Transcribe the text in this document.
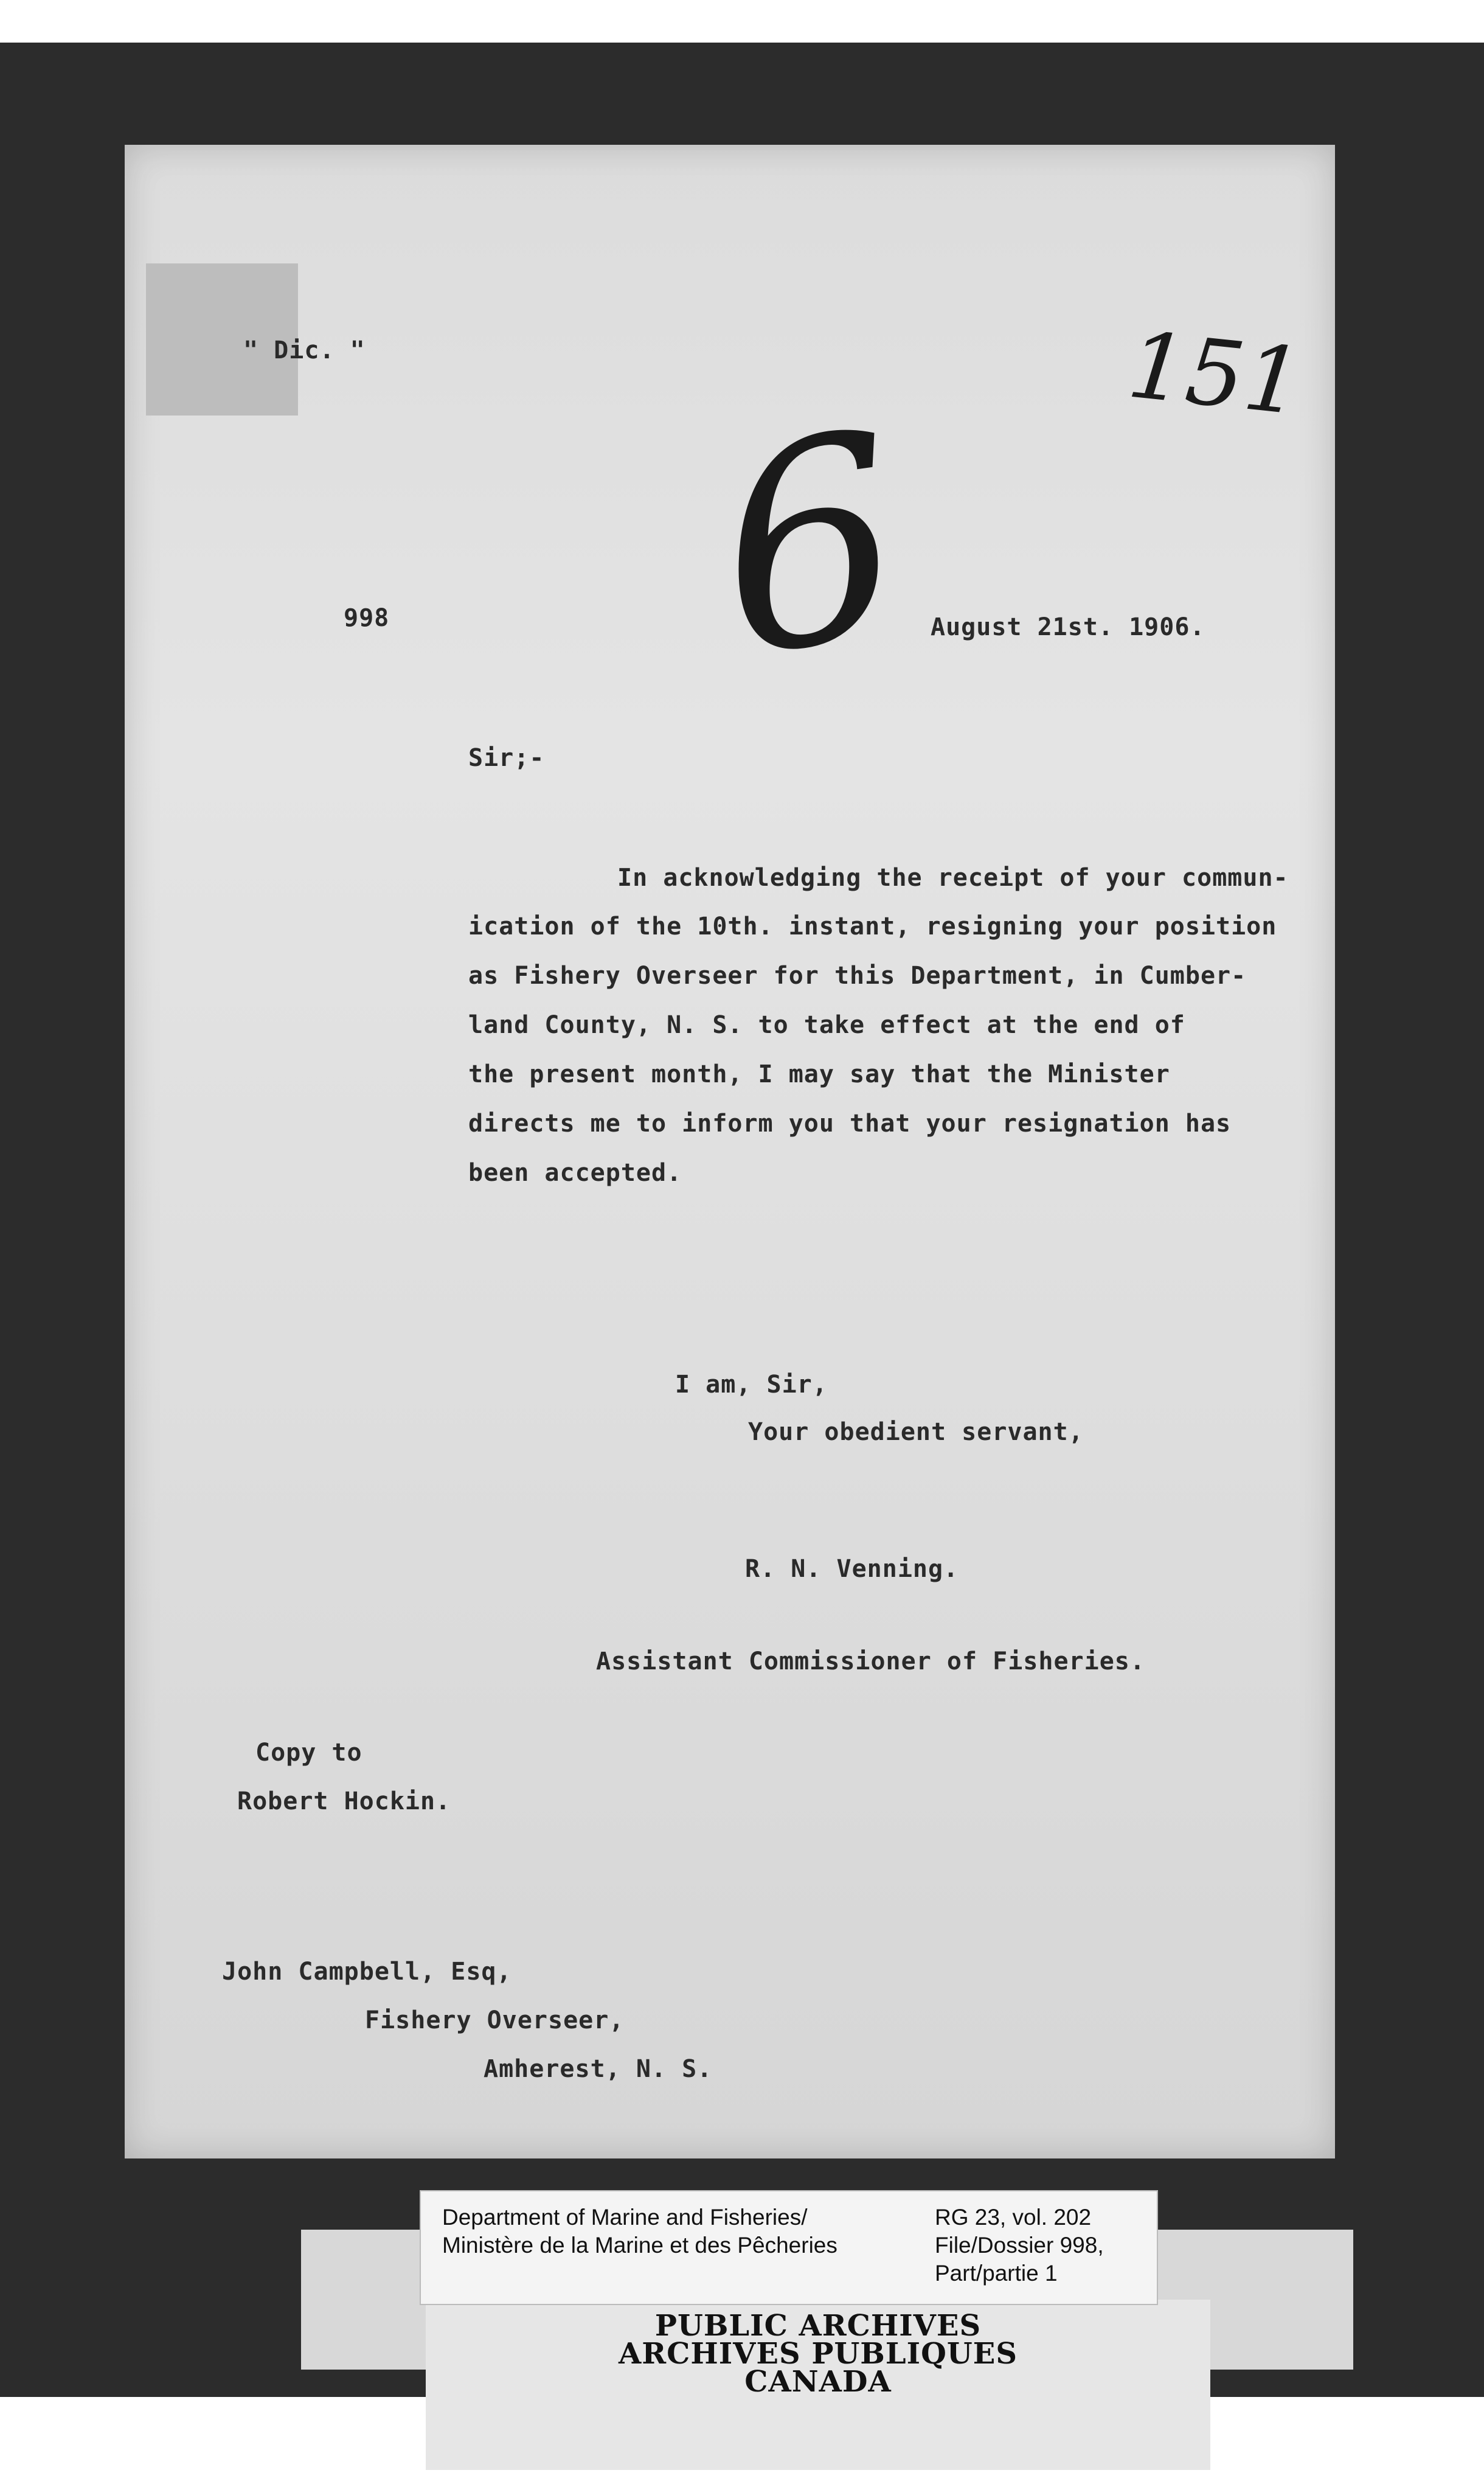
" Dic. "	151
6
998	August 21st. 1906.
Sir;-
In acknowledging the receipt of your commun-
ication of the 10th. instant, resigning your position
as Fishery Overseer for this Department, in Cumber-
land County, N. S. to take effect at the end of
the present month, I may say that the Minister
directs me to inform you that your resignation has
been accepted.
I am, Sir,
Your obedient servant,
R. N. Venning.
Assistant Commissioner of Fisheries.
Copy to
Robert Hockin.
John Campbell, Esq,
Fishery Overseer,
Amherest, N. S.
Department of Marine and Fisheries/
Ministère de la Marine et des Pêcheries
RG 23, vol. 202
File/Dossier 998,
Part/partie 1
PUBLIC ARCHIVES
ARCHIVES PUBLIQUES
CANADA
